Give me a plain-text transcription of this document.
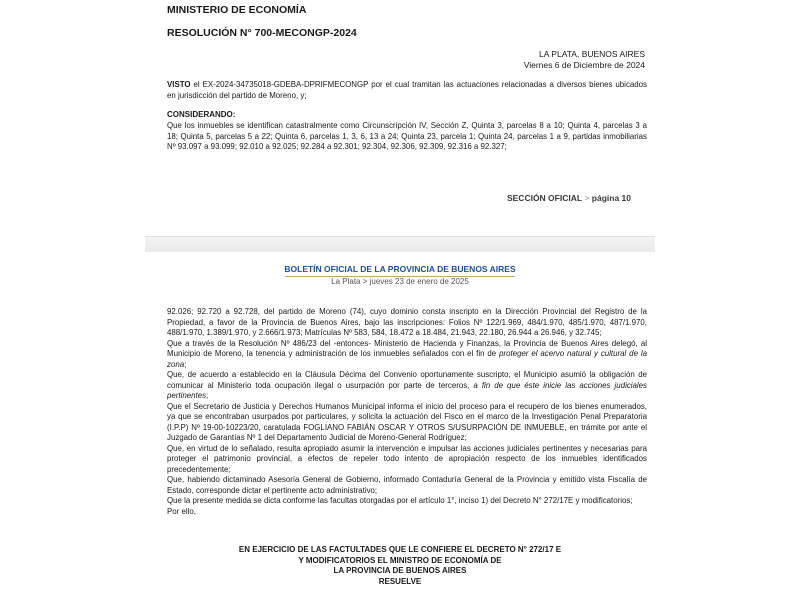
MINISTERIO DE ECONOMÍA
RESOLUCIÓN N° 700-MECONGP-2024
LA PLATA, BUENOS AIRES
Viernes 6 de Diciembre de 2024
VISTO el EX-2024-34735018-GDEBA-DPRIFMECONGP por el cual tramitan las actuaciones relacionadas a diversos bienes ubicados en jurisdicción del partido de Moreno, y;
CONSIDERANDO:
Que los inmuebles se identifican catastralmente como Circunscripción IV, Sección Z, Quinta 3, parcelas 8 a 10; Quinta 4, parcelas 3 a 18; Quinta 5, parcelas 5 a 22; Quinta 6, parcelas 1, 3, 6, 13 a 24; Quinta 23, parcela 1; Quinta 24, parcelas 1 a 9, partidas inmobiliarias Nº 93.097 a 93.099; 92.010 a 92.025; 92.284 a 92.301; 92.304, 92.306, 92.309, 92.316 a 92.327;
SECCIÓN OFICIAL > página 10
BOLETÍN OFICIAL DE LA PROVINCIA DE BUENOS AIRES
La Plata > jueves 23 de enero de 2025
92.026; 92.720 a 92.728, del partido de Moreno (74), cuyo dominio consta inscripto en la Dirección Provincial del Registro de la Propiedad, a favor de la Provincia de Buenos Aires, bajo las inscripciones: Folios Nº 122/1.969, 484/1.970, 485/1.970, 487/1.970, 488/1.970, 1.389/1.970, y 2.666/1.973; Matrículas Nº 583, 584, 18.472 a 18.484, 21.943, 22.180, 26.944 a 26.946, y 32.745;
Que a través de la Resolución Nº 486/23 del -entonces- Ministerio de Hacienda y Finanzas, la Provincia de Buenos Aires delegó, al Municipio de Moreno, la tenencia y administración de los inmuebles señalados con el fin de proteger el acervo natural y cultural de la zona;
Que, de acuerdo a establecido en la Cláusula Décima del Convenio oportunamente suscripto, el Municipio asumió la obligación de comunicar al Ministerio toda ocupación ilegal o usurpación por parte de terceros, a fin de que éste inicie las acciones judiciales pertinentes;
Que el Secretario de Justicia y Derechos Humanos Municipal informa el inicio del proceso para el recupero de los bienes enumerados, ya que se encontraban usurpados por particulares, y solicita la actuación del Fisco en el marco de la Investigación Penal Preparatoria (I.P.P) Nº 19-00-10223/20, caratulada FOGLIANO FABIÁN OSCAR Y OTROS S/USURPACIÓN DE INMUEBLE, en trámite por ante el Juzgado de Garantías Nº 1 del Departamento Judicial de Moreno-General Rodríguez;
Que, en virtud de lo señalado, resulta apropiado asumir la intervención e impulsar las acciones judiciales pertinentes y necesarias para proteger el patrimonio provincial, a efectos de repeler todo intento de apropiación respecto de los inmuebles identificados precedentemente;
Que, habiendo dictaminado Asesoría General de Gobierno, informado Contaduría General de la Provincia y emitido vista Fiscalía de Estado, corresponde dictar el pertinente acto administrativo;
Que la presente medida se dicta conforme las facultas otorgadas por el artículo 1°, inciso 1) del Decreto N° 272/17E y modificatorios;
Por ello,
EN EJERCICIO DE LAS FACTULTADES QUE LE CONFIERE EL DECRETO N° 272/17 E
Y MODIFICATORIOS EL MINISTRO DE ECONOMÍA DE
LA PROVINCIA DE BUENOS AIRES
RESUELVE
